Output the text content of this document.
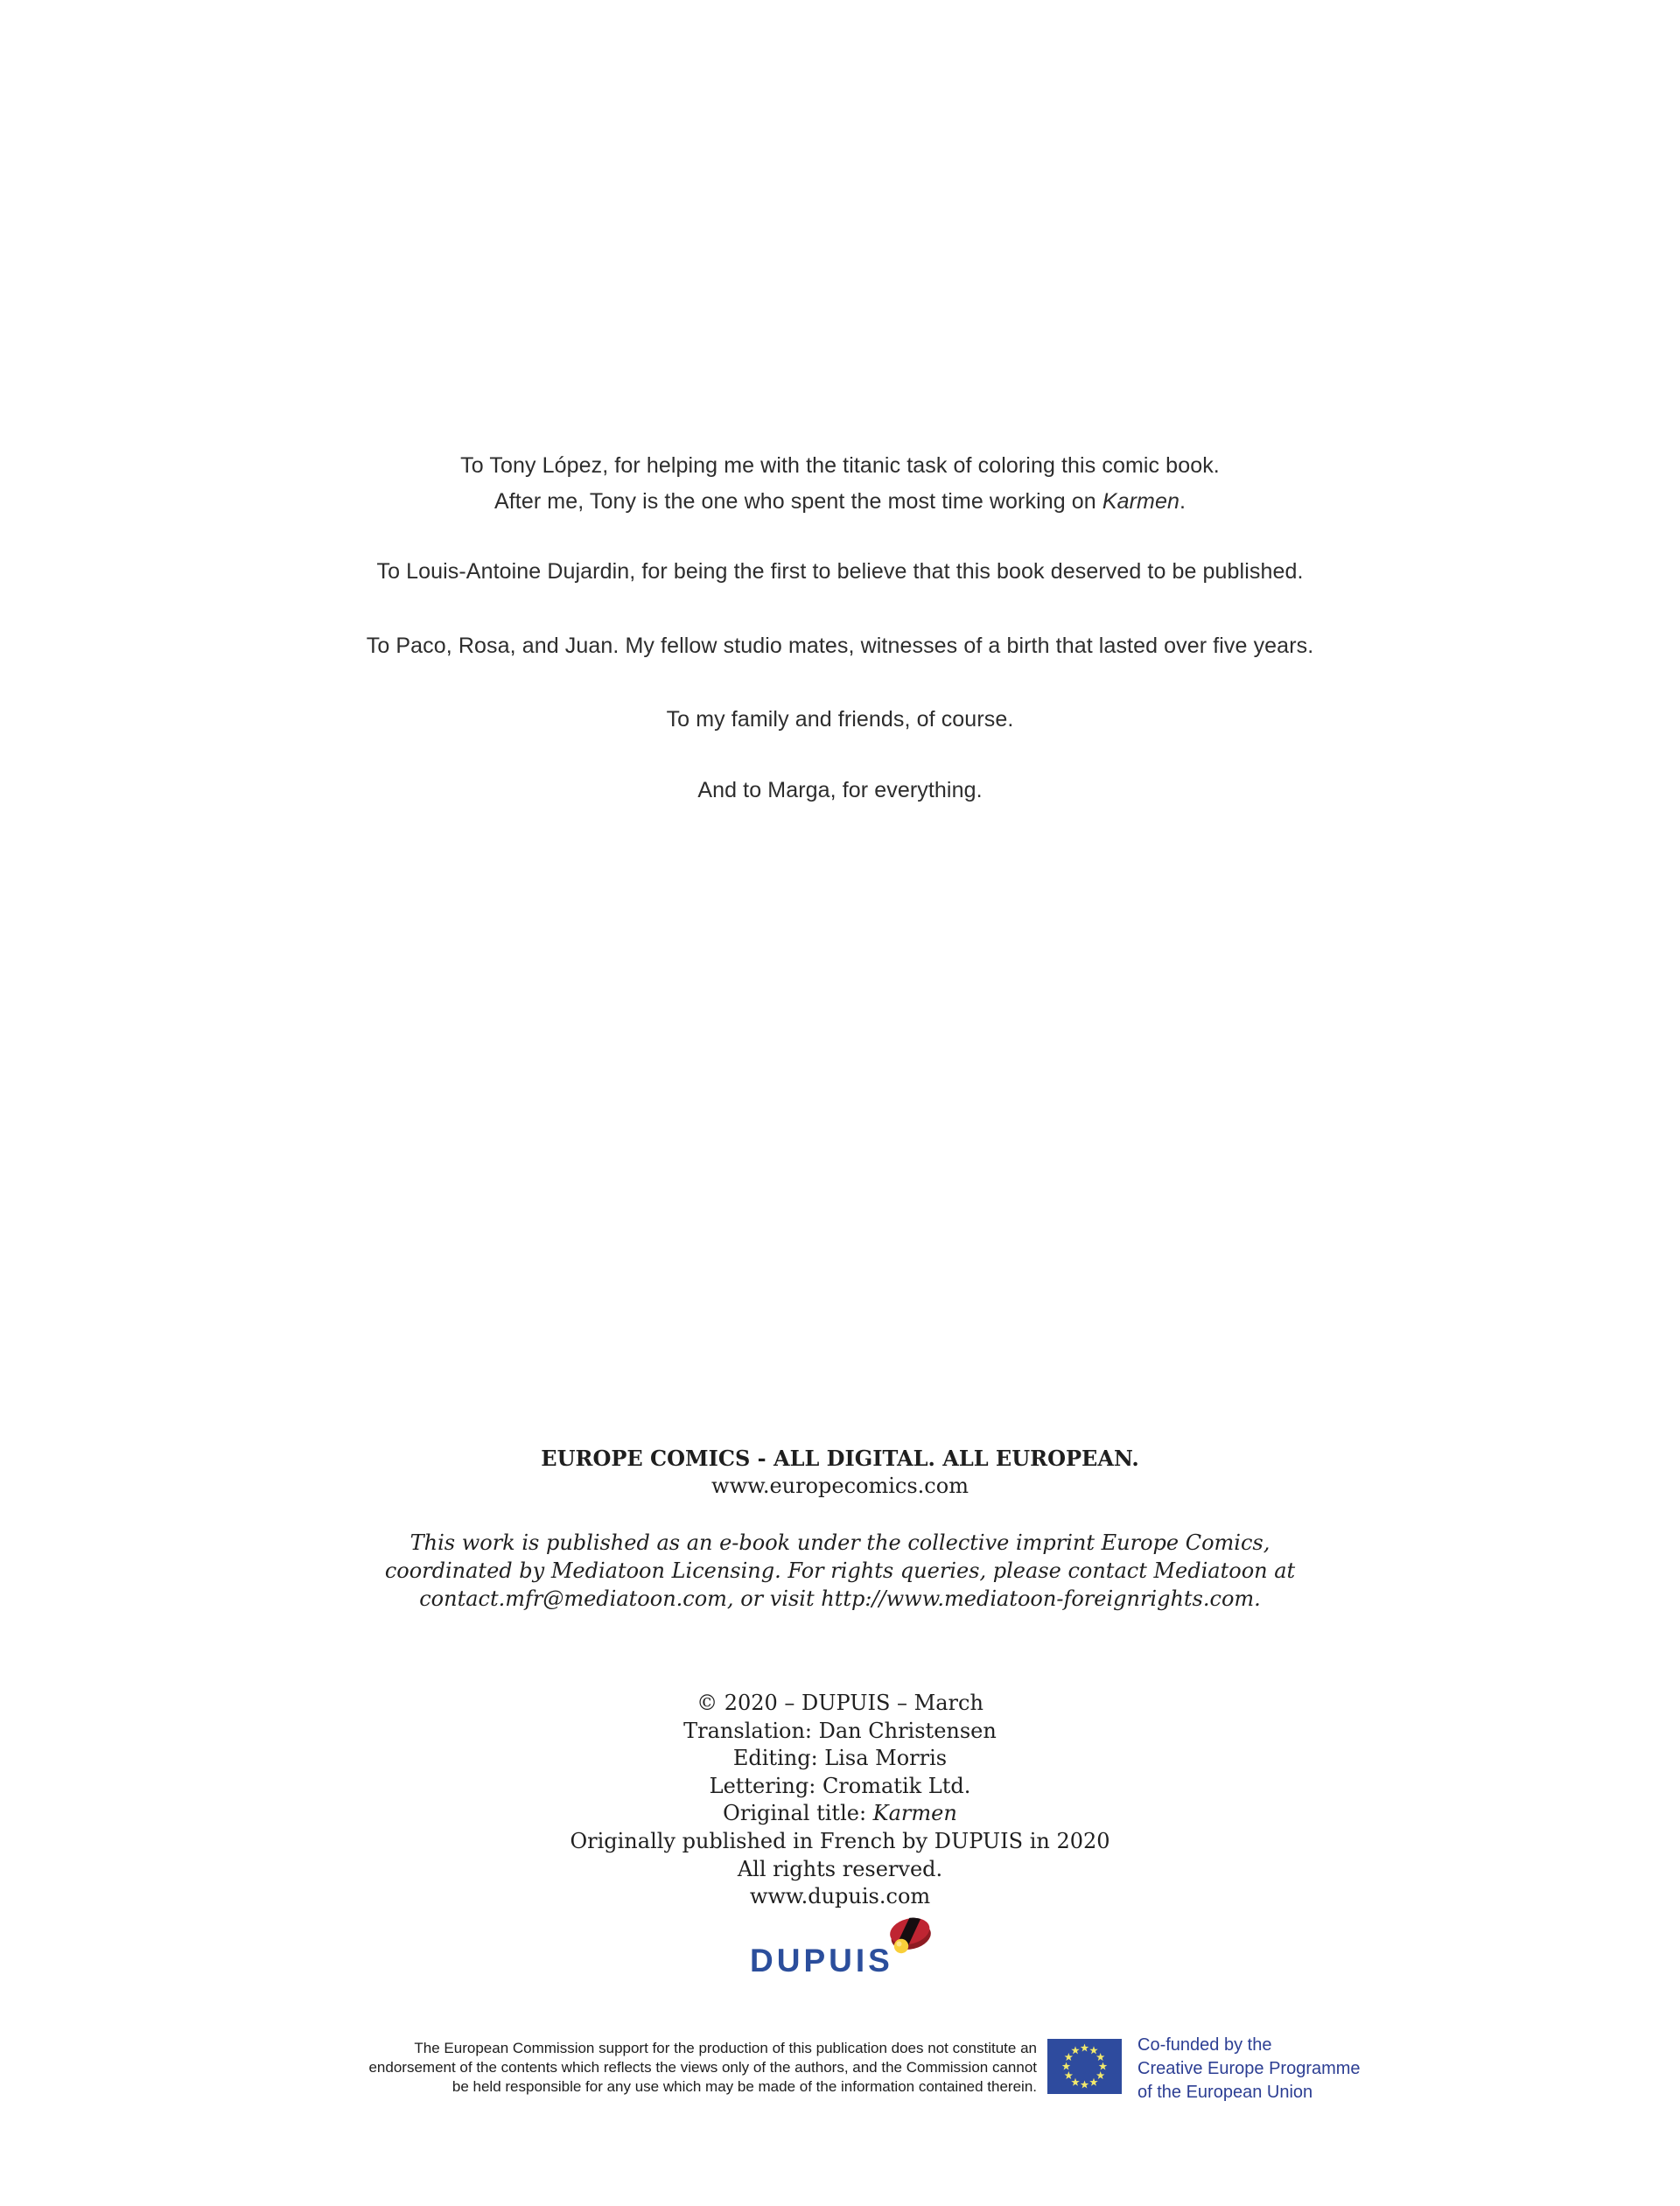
To Tony López, for helping me with the titanic task of coloring this comic book.
After me, Tony is the one who spent the most time working on Karmen.
To Louis-Antoine Dujardin, for being the first to believe that this book deserved to be published.
To Paco, Rosa, and Juan. My fellow studio mates, witnesses of a birth that lasted over five years.
To my family and friends, of course.
And to Marga, for everything.
EUROPE COMICS - ALL DIGITAL. ALL EUROPEAN.
www.europecomics.com
This work is published as an e-book under the collective imprint Europe Comics,
coordinated by Mediatoon Licensing. For rights queries, please contact Mediatoon at
contact.mfr@mediatoon.com, or visit http://www.mediatoon-foreignrights.com.
© 2020 – DUPUIS – March
Translation: Dan Christensen
Editing: Lisa Morris
Lettering: Cromatik Ltd.
Original title: Karmen
Originally published in French by DUPUIS in 2020
All rights reserved.
www.dupuis.com
DUPUIS
The European Commission support for the production of this publication does not constitute an
endorsement of the contents which reflects the views only of the authors, and the Commission cannot
be held responsible for any use which may be made of the information contained therein.
Co-funded by the
Creative Europe Programme
of the European Union
